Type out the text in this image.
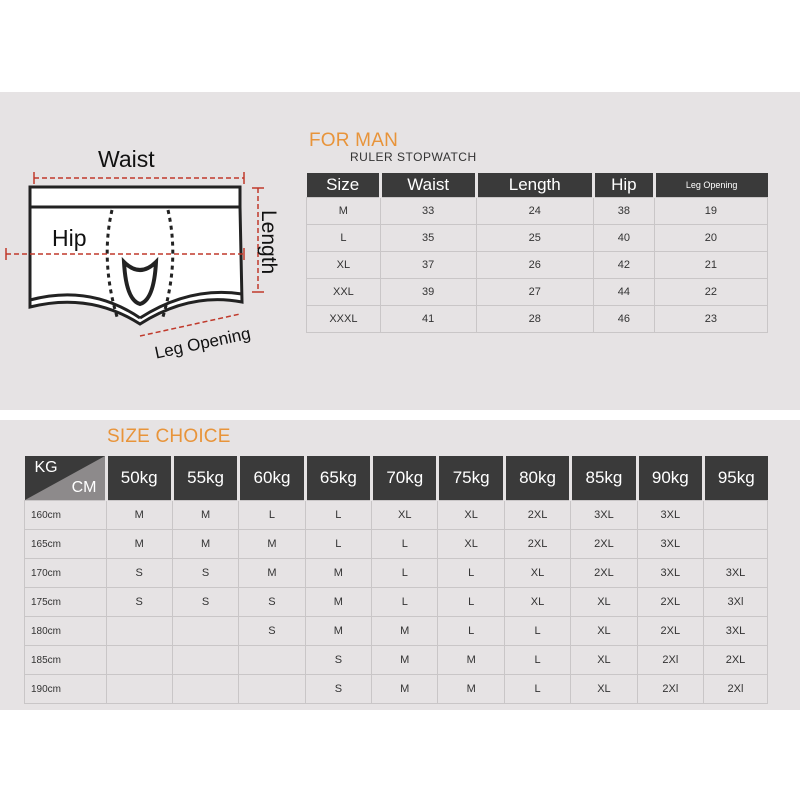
Waist
Hip	Length
Leg Opening
FOR MAN
RULER STOPWATCH
Size	Waist	Length	Hip	Leg Opening
M	33	24	38	19
L	35	25	40	20
XL	37	26	42	21
XXL	39	27	44	22
XXXL	41	28	46	23
SIZE CHOICE
KG
CM	50kg	55kg	60kg	65kg	70kg	75kg	80kg	85kg	90kg	95kg
160cm	M	M	L	L	XL	XL	2XL	3XL	3XL	
165cm	M	M	M	L	L	XL	2XL	2XL	3XL	
170cm	S	S	M	M	L	L	XL	2XL	3XL	3XL
175cm	S	S	S	M	L	L	XL	XL	2XL	3Xl
180cm			S	M	M	L	L	XL	2XL	3XL
185cm				S	M	M	L	XL	2Xl	2XL
190cm				S	M	M	L	XL	2Xl	2Xl
